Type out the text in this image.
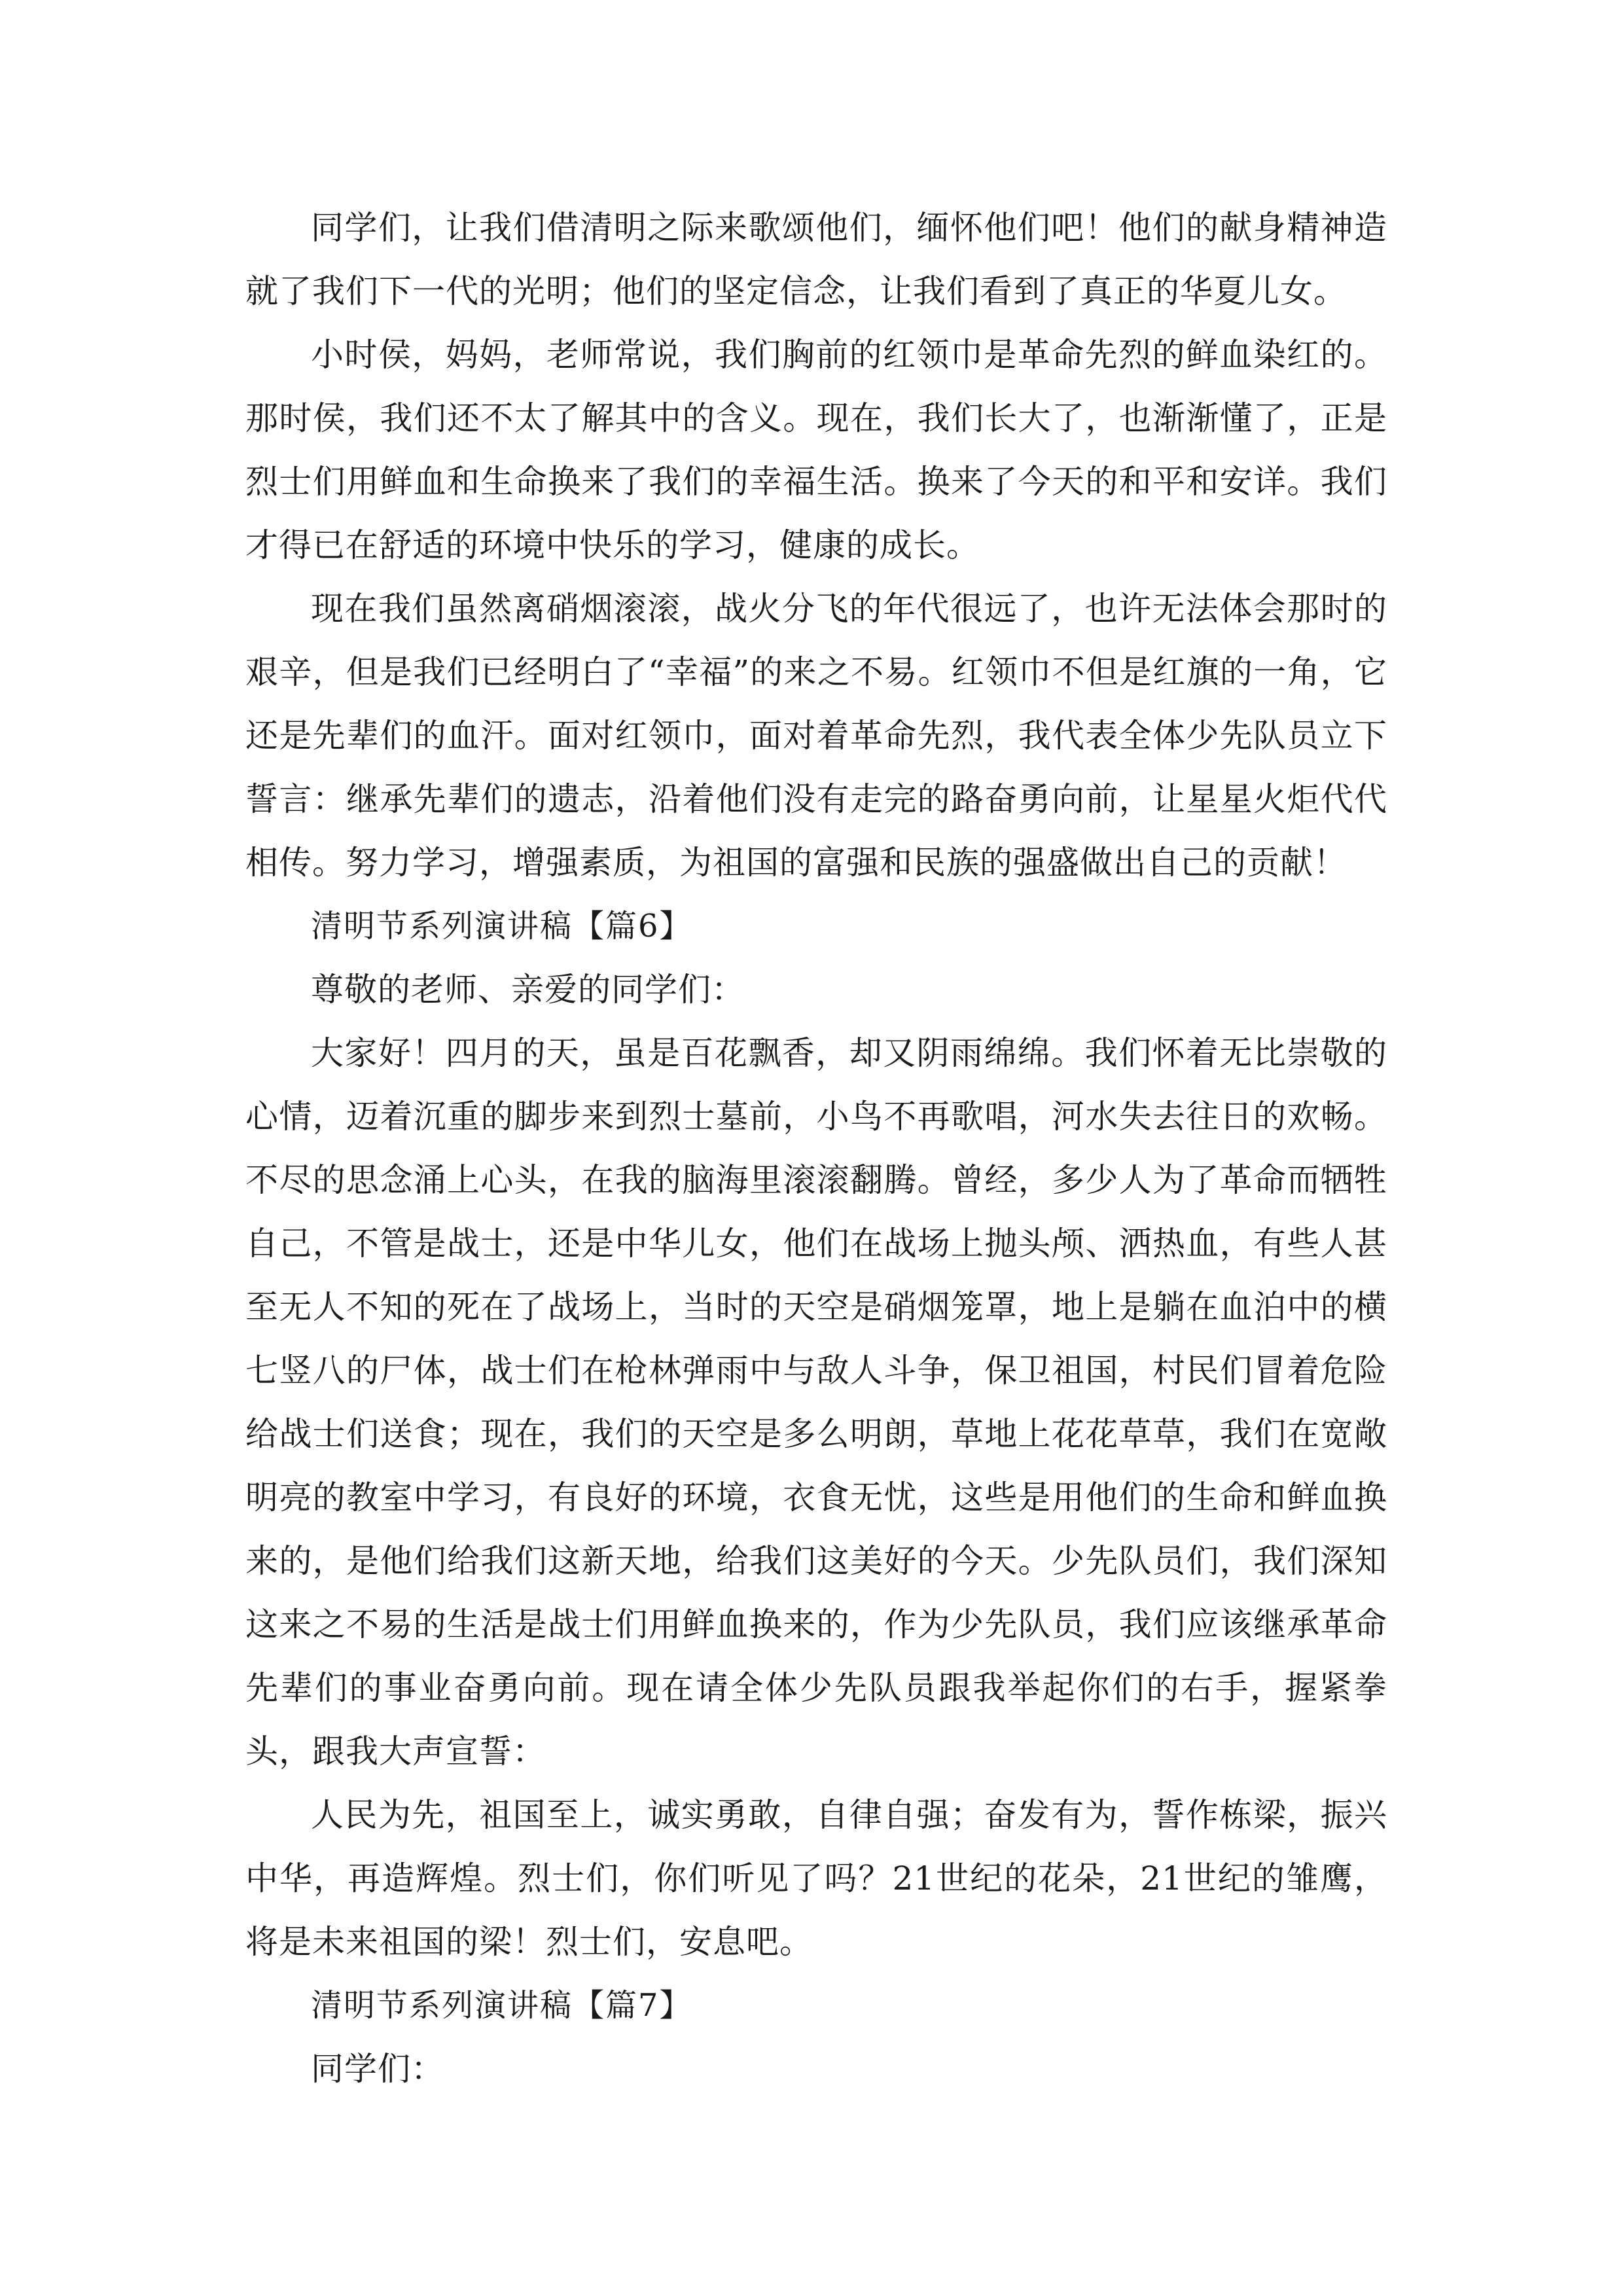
同学们，让我们借清明之际来歌颂他们，缅怀他们吧！他们的献身精神造就了我们下一代的光明；他们的坚定信念，让我们看到了真正的华夏儿女。

小时侯，妈妈，老师常说，我们胸前的红领巾是革命先烈的鲜血染红的。那时侯，我们还不太了解其中的含义。现在，我们长大了，也渐渐懂了，正是烈士们用鲜血和生命换来了我们的幸福生活。换来了今天的和平和安详。我们才得已在舒适的环境中快乐的学习，健康的成长。

现在我们虽然离硝烟滚滚，战火分飞的年代很远了，也许无法体会那时的艰辛，但是我们已经明白了“幸福”的来之不易。红领巾不但是红旗的一角，它还是先辈们的血汗。面对红领巾，面对着革命先烈，我代表全体少先队员立下誓言：继承先辈们的遗志，沿着他们没有走完的路奋勇向前，让星星火炬代代相传。努力学习，增强素质，为祖国的富强和民族的强盛做出自己的贡献！

清明节系列演讲稿【篇6】

尊敬的老师、亲爱的同学们：

大家好！四月的天，虽是百花飘香，却又阴雨绵绵。我们怀着无比崇敬的心情，迈着沉重的脚步来到烈士墓前，小鸟不再歌唱，河水失去往日的欢畅。不尽的思念涌上心头，在我的脑海里滚滚翻腾。曾经，多少人为了革命而牺牲自己，不管是战士，还是中华儿女，他们在战场上抛头颅、洒热血，有些人甚至无人不知的死在了战场上，当时的天空是硝烟笼罩，地上是躺在血泊中的横七竖八的尸体，战士们在枪林弹雨中与敌人斗争，保卫祖国，村民们冒着危险给战士们送食；现在，我们的天空是多么明朗，草地上花花草草，我们在宽敞明亮的教室中学习，有良好的环境，衣食无忧，这些是用他们的生命和鲜血换来的，是他们给我们这新天地，给我们这美好的今天。少先队员们，我们深知这来之不易的生活是战士们用鲜血换来的，作为少先队员，我们应该继承革命先辈们的事业奋勇向前。现在请全体少先队员跟我举起你们的右手，握紧拳头，跟我大声宣誓：

人民为先，祖国至上，诚实勇敢，自律自强；奋发有为，誓作栋梁，振兴中华，再造辉煌。烈士们，你们听见了吗？21世纪的花朵，21世纪的雏鹰，将是未来祖国的梁！烈士们，安息吧。

清明节系列演讲稿【篇7】

同学们：
